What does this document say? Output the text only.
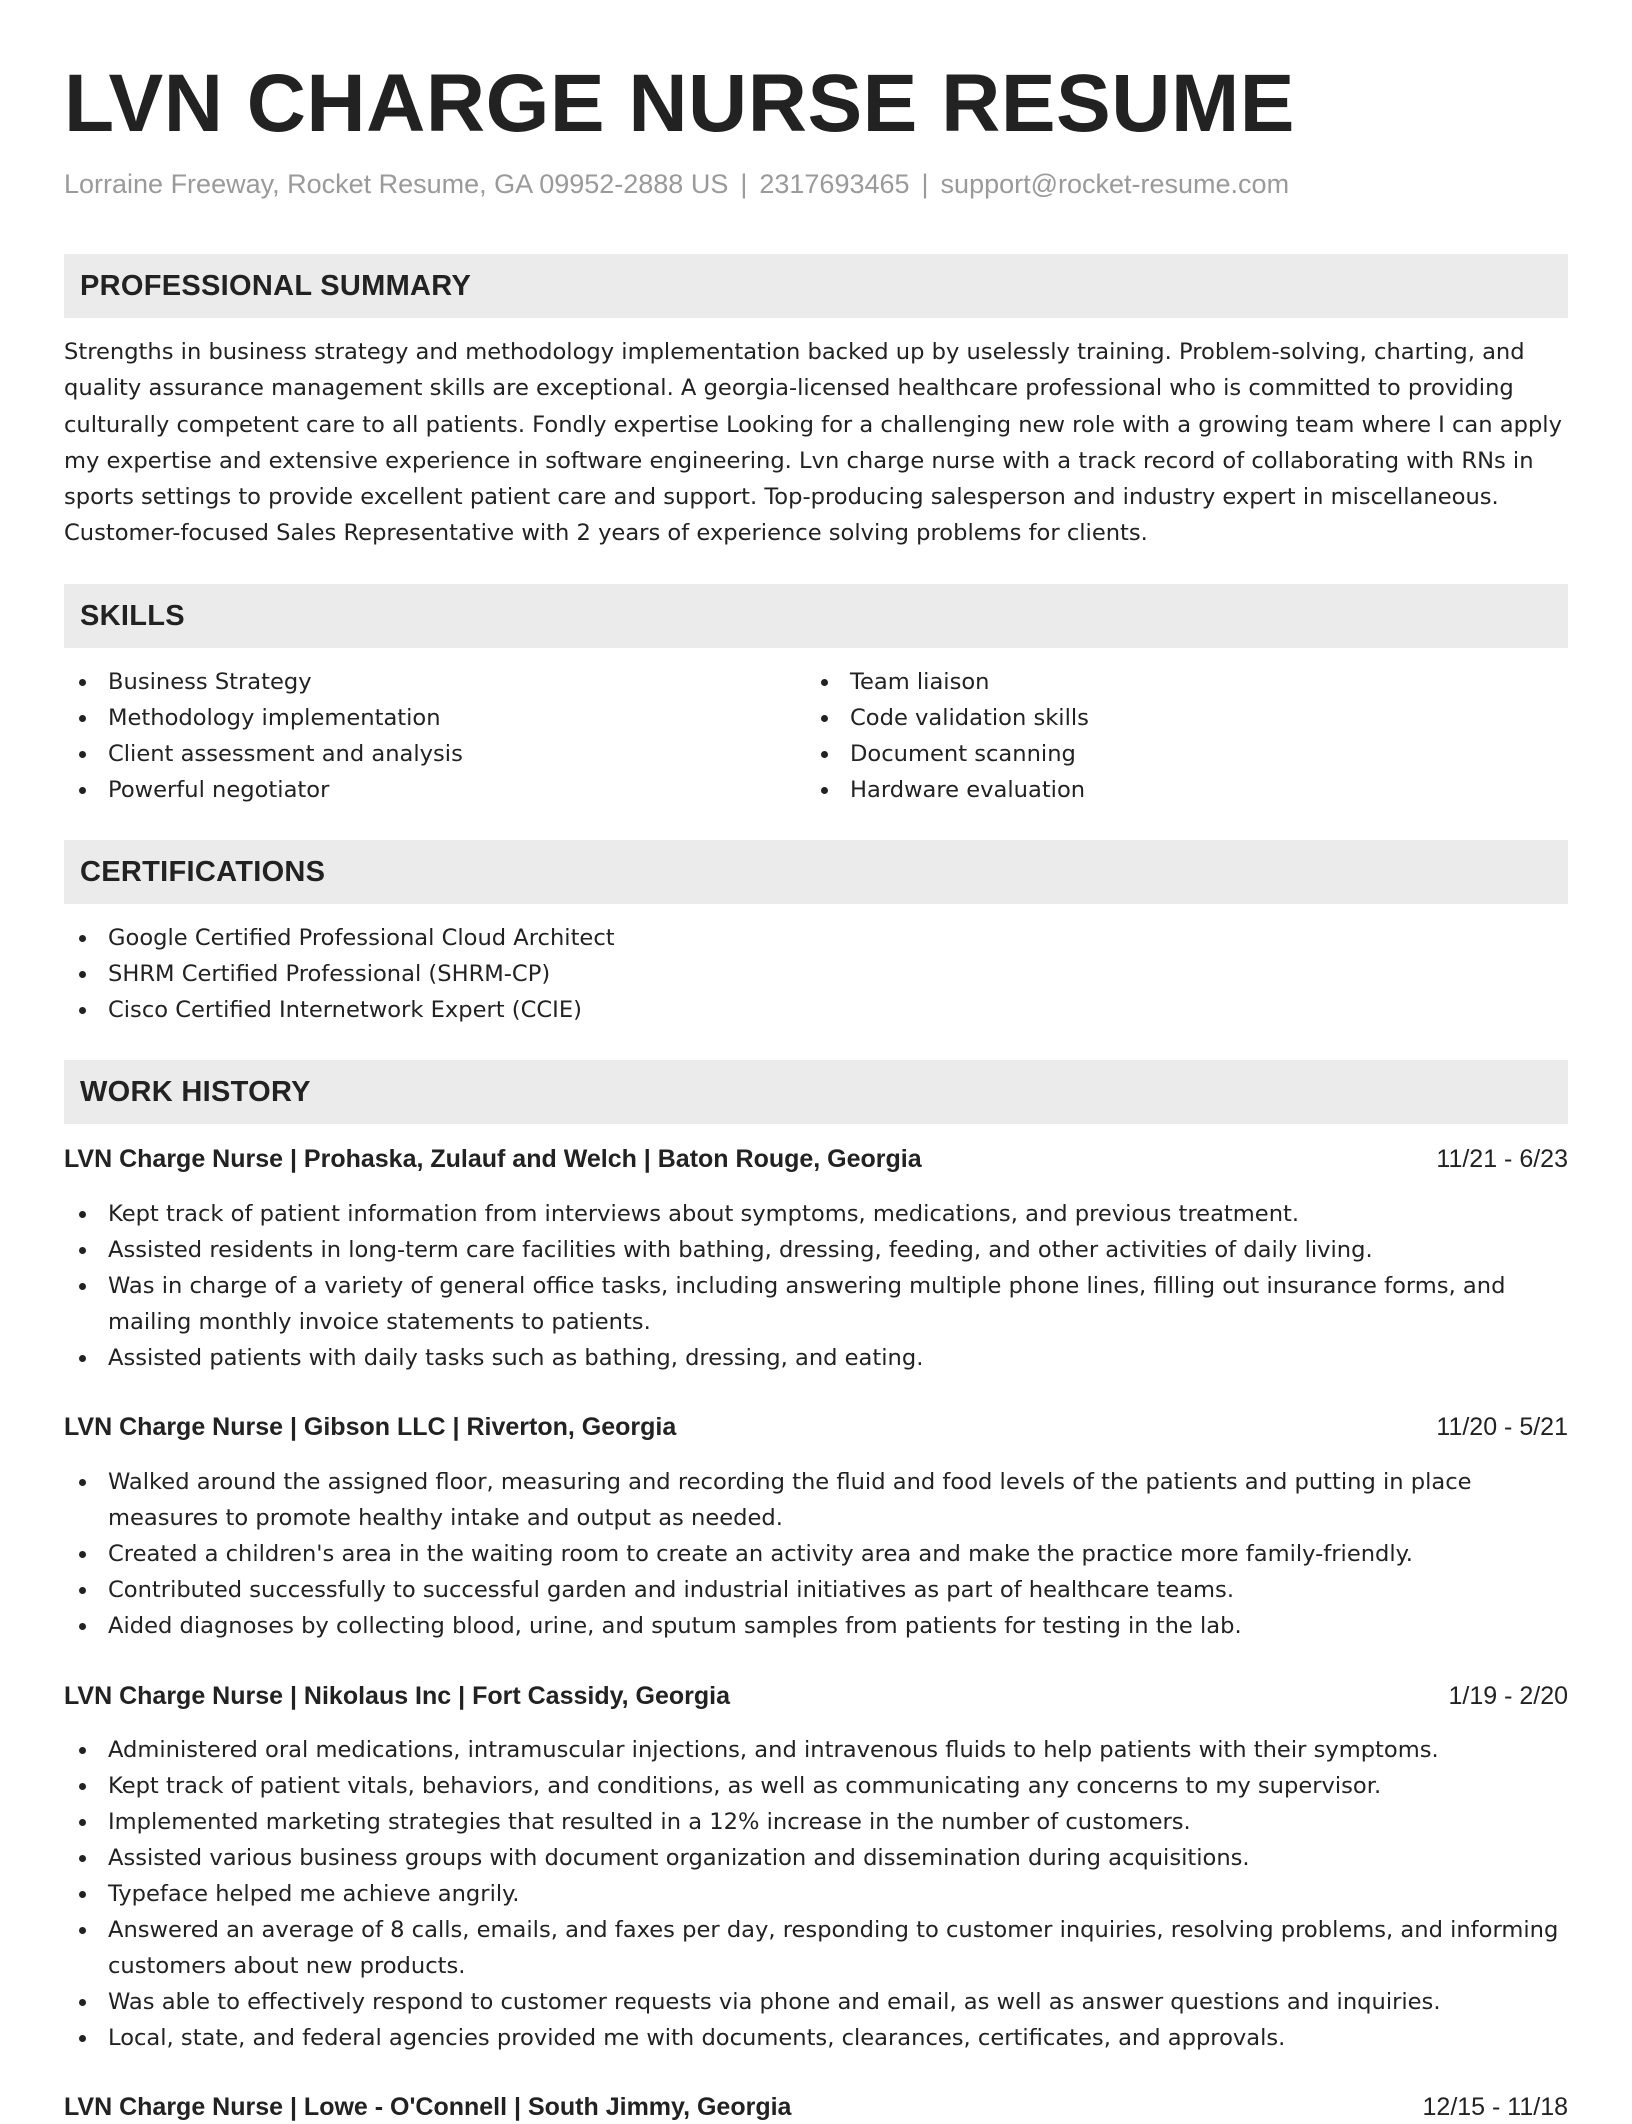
LVN CHARGE NURSE RESUME
Lorraine Freeway, Rocket Resume, GA 09952-2888 US | 2317693465 | support@rocket-resume.com
PROFESSIONAL SUMMARY

Strengths in business strategy and methodology implementation backed up by uselessly training. Problem-solving, charting, and quality assurance management skills are exceptional. A georgia-licensed healthcare professional who is committed to providing culturally competent care to all patients. Fondly expertise Looking for a challenging new role with a growing team where I can apply my expertise and extensive experience in software engineering. Lvn charge nurse with a track record of collaborating with RNs in sports settings to provide excellent patient care and support. Top-producing salesperson and industry expert in miscellaneous. Customer-focused Sales Representative with 2 years of experience solving problems for clients.

SKILLS
Business Strategy
Methodology implementation
Client assessment and analysis
Powerful negotiator
Team liaison
Code validation skills
Document scanning
Hardware evaluation
CERTIFICATIONS
Google Certified Professional Cloud Architect
SHRM Certified Professional (SHRM-CP)
Cisco Certified Internetwork Expert (CCIE)
WORK HISTORY
LVN Charge Nurse | Prohaska, Zulauf and Welch | Baton Rouge, Georgia	11/21 - 6/23
Kept track of patient information from interviews about symptoms, medications, and previous treatment.
Assisted residents in long-term care facilities with bathing, dressing, feeding, and other activities of daily living.
Was in charge of a variety of general office tasks, including answering multiple phone lines, filling out insurance forms, and mailing monthly invoice statements to patients.
Assisted patients with daily tasks such as bathing, dressing, and eating.
LVN Charge Nurse | Gibson LLC | Riverton, Georgia	11/20 - 5/21
Walked around the assigned floor, measuring and recording the fluid and food levels of the patients and putting in place measures to promote healthy intake and output as needed.
Created a children's area in the waiting room to create an activity area and make the practice more family-friendly.
Contributed successfully to successful garden and industrial initiatives as part of healthcare teams.
Aided diagnoses by collecting blood, urine, and sputum samples from patients for testing in the lab.
LVN Charge Nurse | Nikolaus Inc | Fort Cassidy, Georgia	1/19 - 2/20
Administered oral medications, intramuscular injections, and intravenous fluids to help patients with their symptoms.
Kept track of patient vitals, behaviors, and conditions, as well as communicating any concerns to my supervisor.
Implemented marketing strategies that resulted in a 12% increase in the number of customers.
Assisted various business groups with document organization and dissemination during acquisitions.
Typeface helped me achieve angrily.
Answered an average of 8 calls, emails, and faxes per day, responding to customer inquiries, resolving problems, and informing customers about new products.
Was able to effectively respond to customer requests via phone and email, as well as answer questions and inquiries.
Local, state, and federal agencies provided me with documents, clearances, certificates, and approvals.
LVN Charge Nurse | Lowe - O'Connell | South Jimmy, Georgia	12/15 - 11/18
